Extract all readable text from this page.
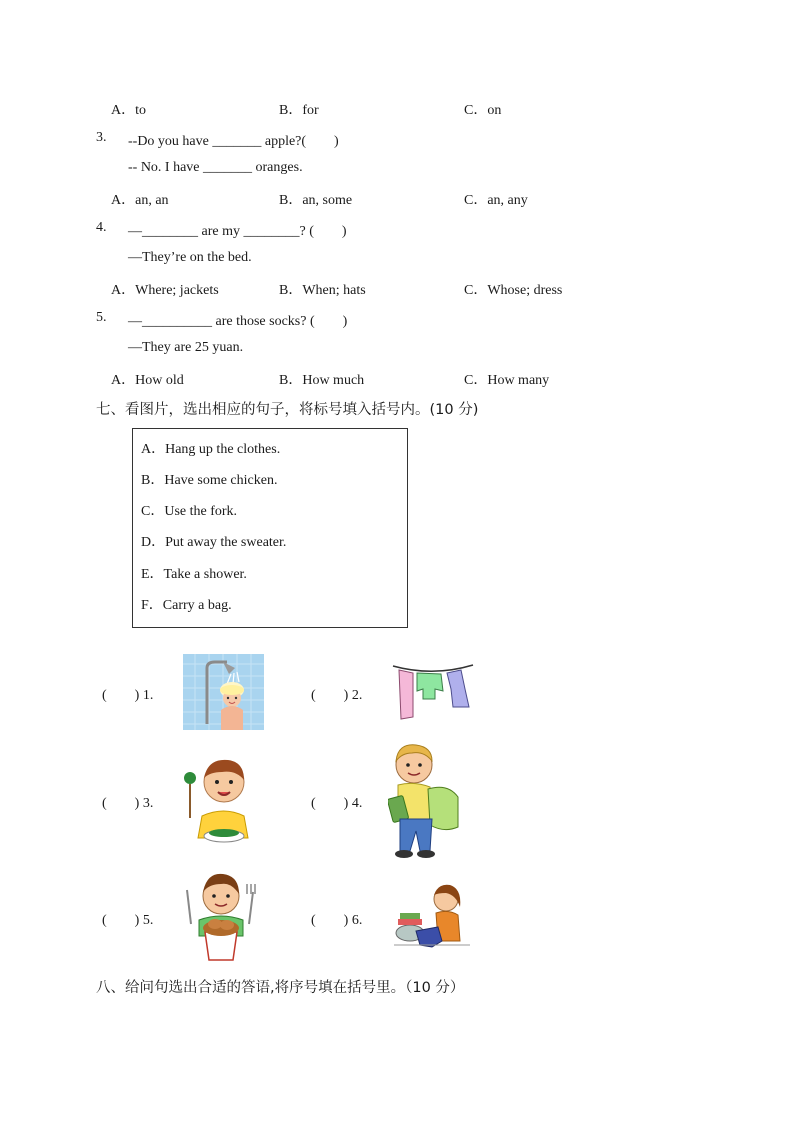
A．to	B．for	C．on
3. --Do you have _______ apple?(　　)
-- No. I have _______ oranges.
A．an, an	B．an, some	C．an, any
4. —________ are my ________? (　　)
—They’re on the bed.
A．Where; jackets	B．When; hats	C．Whose; dress
5. —__________ are those socks? (　　)
—They are 25 yuan.
A．How old	B．How much	C．How many
七、看图片，选出相应的句子，将标号填入括号内。(10 分)
A．Hang up the clothes.
B．Have some chicken.
C．Use the fork.
D．Put away the sweater.
E．Take a shower.
F．Carry a bag.
(　　) 1.	(　　) 2.
(　　) 3.	(　　) 4.
(　　) 5.	(　　) 6.
八、给问句选出合适的答语,将序号填在括号里。（10 分）
